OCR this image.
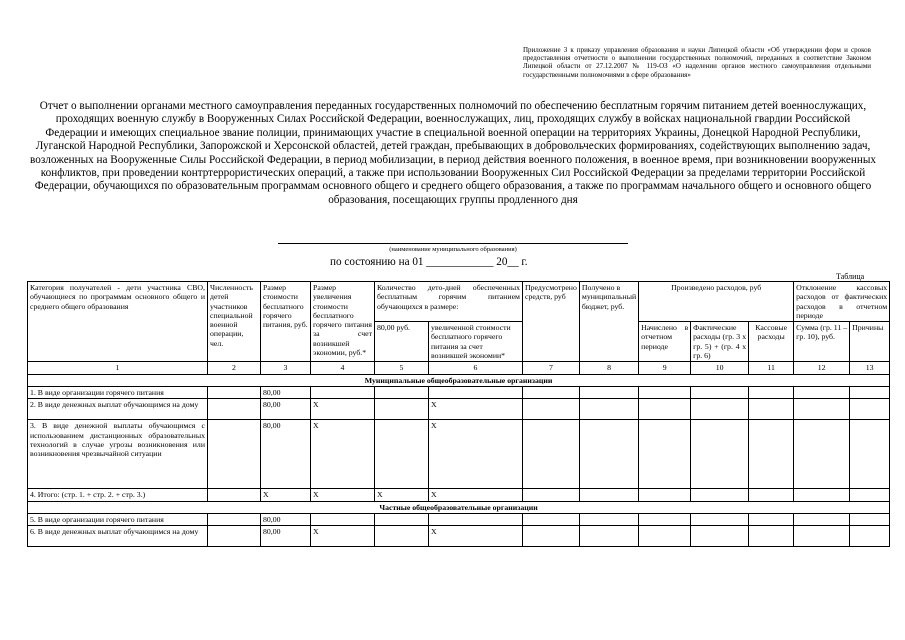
Приложение 3 к приказу управления образования и науки Липецкой области «Об утверждении форм и сроков предоставления отчетности о выполнении государственных полномочий, переданных в соответствие Законом Липецкой области от 27.12.2007 № 119-ОЗ «О наделении органов местного самоуправления отдельными государственными полномочиями в сфере образования»
Отчет о выполнении органами местного самоуправления переданных государственных полномочий по обеспечению бесплатным горячим питанием детей военнослужащих, проходящих военную службу в Вооруженных Силах Российской Федерации, военнослужащих, лиц, проходящих службу в войсках национальной гвардии Российской Федерации и имеющих специальное звание полиции, принимающих участие в специальной военной операции на территориях Украины, Донецкой Народной Республики, Луганской Народной Республики, Запорожской и Херсонской областей, детей граждан, пребывающих в добровольческих формированиях, содействующих выполнению задач, возложенных на Вооруженные Силы Российской Федерации, в период мобилизации, в период действия военного положения, в военное время, при возникновении вооруженных конфликтов, при проведении контртеррористических операций, а также при использовании Вооруженных Сил Российской Федерации за пределами территории Российской Федерации, обучающихся по образовательным программам основного общего и среднего общего образования, а также по программам начального общего и основного общего образования, посещающих группы продленного дня
(наименование муниципального образования)
по состоянию на 01 ____________ 20__ г.
Таблица
Категория получателей - дети участника СВО, обучающиеся по программам основного общего и среднего общего образования	Численность детей участников специальной военной операции, чел.	Размер стоимости бесплатного горячего питания, руб.	Размер увеличения стоимости бесплатного горячего питания за счет возникшей экономии, руб.*	Количество дето-дней обеспеченных бесплатным горячим питанием обучающихся в размере:		Предусмотрено средств, руб	Получено в муниципальный бюджет, руб.	Произведено расходов, руб			Отклонение кассовых расходов от фактических расходов в отчетном периоде	
				80,00 руб.	увеличенной стоимости бесплатного горячего питания за счет возникшей экономии*			Начислено в отчетном периоде	Фактические расходы (гр. 3 х гр. 5) + (гр. 4 х гр. 6)	Кассовые расходы	Сумма (гр. 11 – гр. 10), руб.	Причины
1	2	3	4	5	6	7	8	9	10	11	12	13
Муниципальные общеобразовательные организации												
1. В виде организации горячего питания		80,00										
2. В виде денежных выплат обучающимся на дому		80,00	X		X							
3. В виде денежной выплаты обучающимся с использованием дистанционных образовательных технологий в случае угрозы возникновения или возникновения чрезвычайной ситуации		80,00	X		X							
4. Итого: (стр. 1. + стр. 2. + стр. 3.)		X	X	X	X							
Частные общеобразовательные организации												
5. В виде организации горячего питания		80,00										
6. В виде денежных выплат обучающимся на дому		80,00	X		X							
